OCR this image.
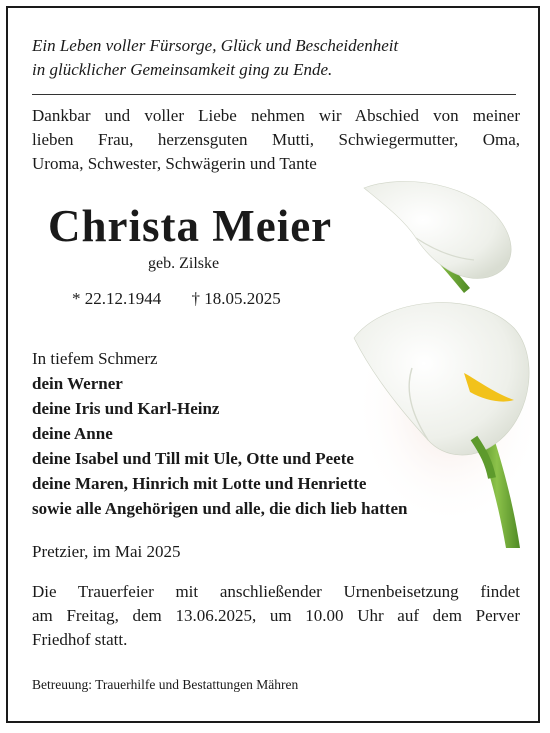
Ein Leben voller Fürsorge, Glück und Bescheidenheit
in glücklicher Gemeinsamkeit ging zu Ende.
Dankbar und voller Liebe nehmen wir Abschied von meiner
lieben Frau, herzensguten Mutti, Schwiegermutter, Oma,
Uroma, Schwester, Schwägerin und Tante
Christa Meier
geb. Zilske
* 22.12.1944 † 18.05.2025
In tiefem Schmerz
dein Werner
deine Iris und Karl-Heinz
deine Anne
deine Isabel und Till mit Ule, Otte und Peete
deine Maren, Hinrich mit Lotte und Henriette
sowie alle Angehörigen und alle, die dich lieb hatten
Pretzier, im Mai 2025
Die Trauerfeier mit anschließender Urnenbeisetzung findet
am Freitag, dem 13.06.2025, um 10.00 Uhr auf dem Perver
Friedhof statt.
Betreuung: Trauerhilfe und Bestattungen Mähren
